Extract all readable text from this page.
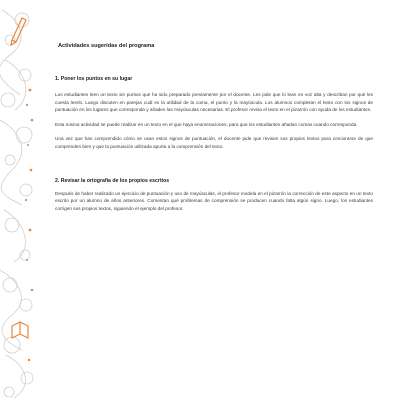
Actividades sugeridas del programa
1. Poner los puntos en su lugar

Los estudiantes leen un texto sin puntos que ha sido preparado previamente por el docente. Les pide que lo lean en voz alta y describan por qué les cuesta leerlo. Luego discuten en parejas cuál es la utilidad de la coma, el punto y la mayúscula. Los alumnos completan el texto con los signos de puntuación en los lugares que corresponda y añaden las mayúsculas necesarias. El profesor revisa el texto en el pizarrón con ayuda de los estudiantes.

Esta misma actividad se puede realizar en un texto en el que haya enumeraciones, para que los estudiantes añadan comas cuando corresponda.

Una vez que han comprendido cómo se usan estos signos de puntuación, el docente pide que revisen sus propios textos para cerciorarse de que comprenden bien y que la puntuación utilizada aporta a la comprensión del texto.

2. Revisar la ortografía de los propios escritos

Después de haber realizado un ejercicio de puntuación y uso de mayúsculas, el profesor modela en el pizarrón la corrección de este aspecto en un texto escrito por un alumno de años anteriores. Comentan qué problemas de comprensión se producen cuando falta algún signo. Luego, los estudiantes corrigen sus propios textos, siguiendo el ejemplo del profesor.
